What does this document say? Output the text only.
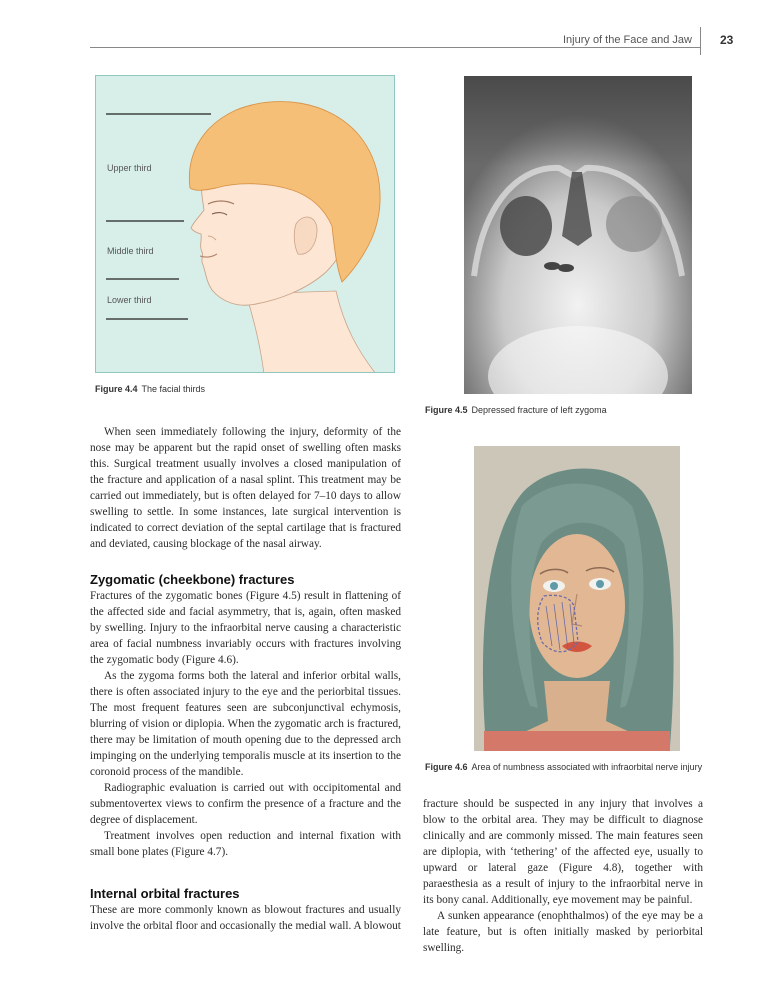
Injury of the Face and Jaw 23
Upper third
Middle third
Lower third
Figure 4.4 The facial thirds
Figure 4.5 Depressed fracture of left zygoma
Figure 4.6 Area of numbness associated with infraorbital nerve injury

When seen immediately following the injury, deformity of the nose may be apparent but the rapid onset of swelling often masks this. Surgical treatment usually involves a closed manipulation of the fracture and application of a nasal splint. This treatment may be carried out immediately, but is often delayed for 7–10 days to allow swelling to settle. In some instances, late surgical intervention is indicated to correct deviation of the septal cartilage that is fractured and deviated, causing blockage of the nasal airway.

Zygomatic (cheekbone) fractures

Fractures of the zygomatic bones (Figure 4.5) result in flattening of the affected side and facial asymmetry, that is, again, often masked by swelling. Injury to the infraorbital nerve causing a characteristic area of facial numbness invariably occurs with fractures involving the zygomatic body (Figure 4.6).

As the zygoma forms both the lateral and inferior orbital walls, there is often associated injury to the eye and the periorbital tissues. The most frequent features seen are subconjunctival echymosis, blurring of vision or diplopia. When the zygomatic arch is fractured, there may be limitation of mouth opening due to the depressed arch impinging on the underlying temporalis muscle at its insertion to the coronoid process of the mandible.

Radiographic evaluation is carried out with occipitomental and submentovertex views to confirm the presence of a fracture and the degree of displacement.

Treatment involves open reduction and internal fixation with small bone plates (Figure 4.7).

Internal orbital fractures

These are more commonly known as blowout fractures and usually involve the orbital floor and occasionally the medial wall. A blowout

fracture should be suspected in any injury that involves a blow to the orbital area. They may be difficult to diagnose clinically and are commonly missed. The main features seen are diplopia, with ‘tethering’ of the affected eye, usually to upward or lateral gaze (Figure 4.8), together with paraesthesia as a result of injury to the infraorbital nerve in its bony canal. Additionally, eye movement may be painful.

A sunken appearance (enophthalmos) of the eye may be a late feature, but is often initially masked by periorbital swelling.
